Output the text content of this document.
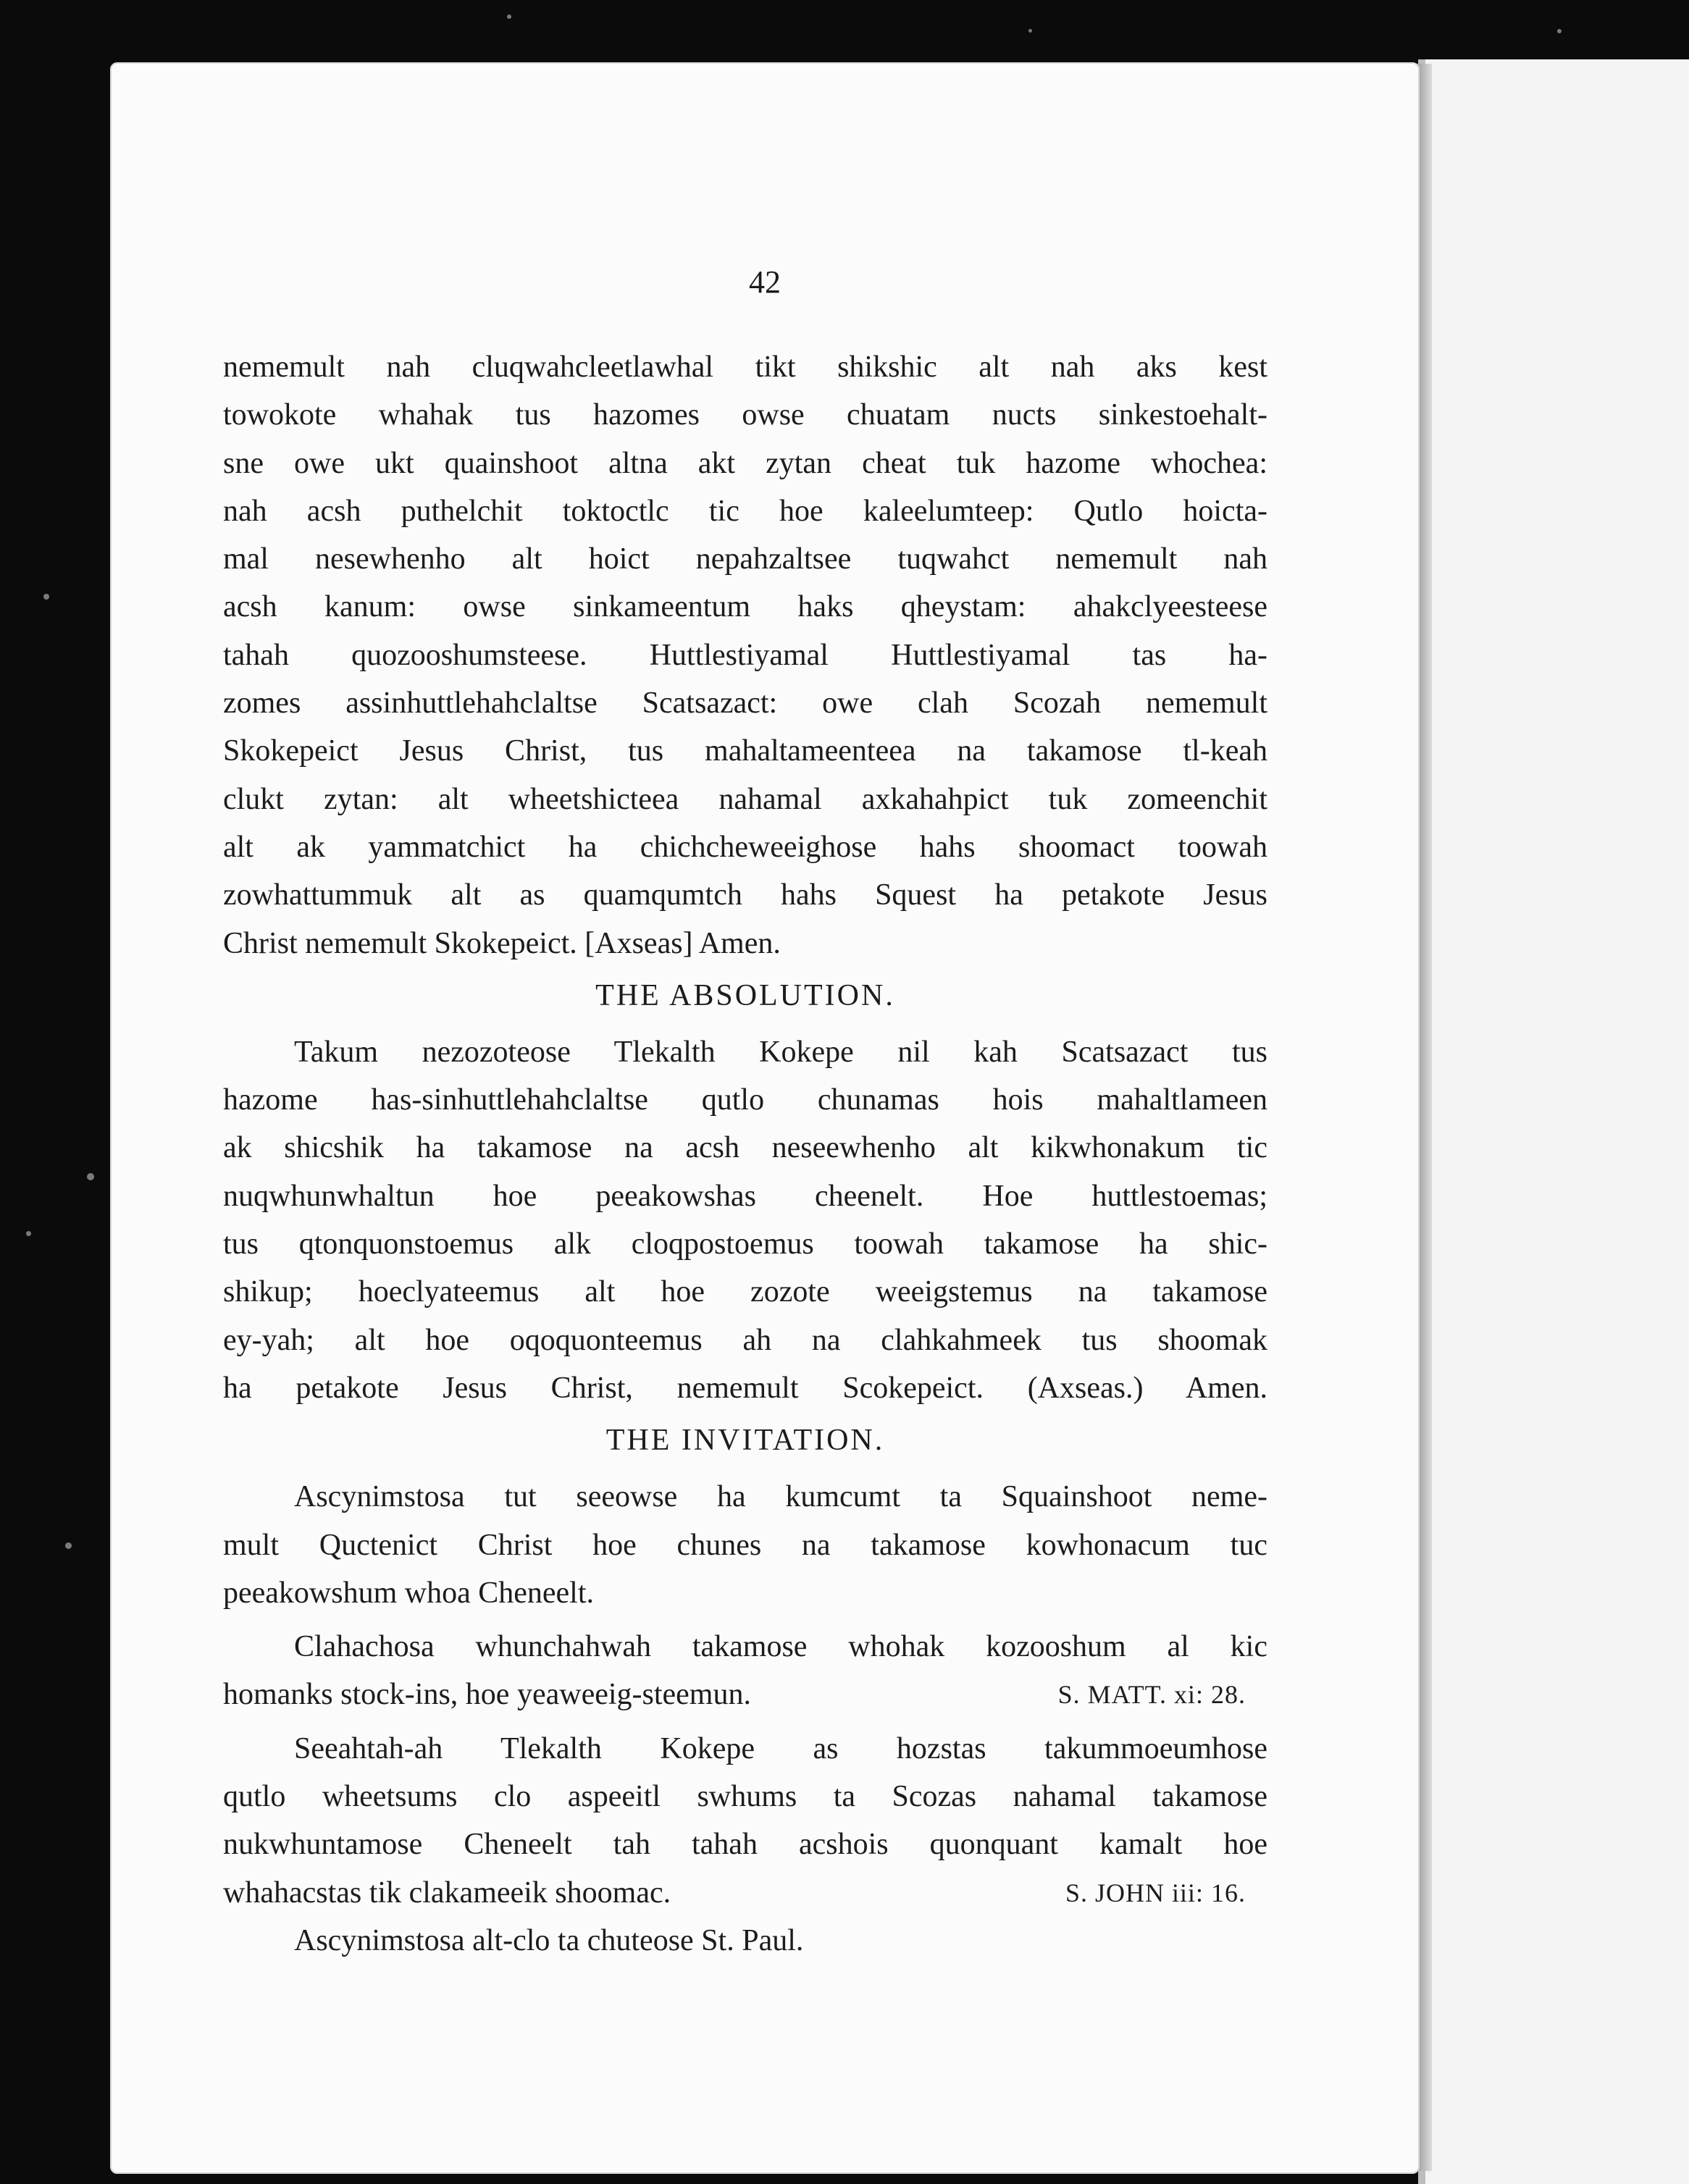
42
nememult nah cluqwahcleetlawhal tikt shikshic alt nah aks kest
towokote whahak tus hazomes owse chuatam nucts sinkestoehalt-
sne owe ukt quainshoot altna akt zytan cheat tuk hazome whochea:
nah acsh puthelchit toktoctlc tic hoe kaleelumteep: Qutlo hoicta-
mal nesewhenho alt hoict nepahzaltsee tuqwahct nememult nah
acsh kanum: owse sinkameentum haks qheystam: ahakclyeesteese
tahah quozooshumsteese. Huttlestiyamal Huttlestiyamal tas ha-
zomes assinhuttlehahclaltse Scatsazact: owe clah Scozah nememult
Skokepeict Jesus Christ, tus mahaltameenteea na takamose tl-keah
clukt zytan: alt wheetshicteea nahamal axkahahpict tuk zomeenchit
alt ak yammatchict ha chichcheweeighose hahs shoomact toowah
zowhattummuk alt as quamqumtch hahs Squest ha petakote Jesus
Christ nememult Skokepeict. [Axseas] Amen.
THE ABSOLUTION.
Takum nezozoteose Tlekalth Kokepe nil kah Scatsazact tus
hazome has-sinhuttlehahclaltse qutlo chunamas hois mahaltlameen
ak shicshik ha takamose na acsh neseewhenho alt kikwhonakum tic
nuqwhunwhaltun hoe peeakowshas cheenelt. Hoe huttlestoemas;
tus qtonquonstoemus alk cloqpostoemus toowah takamose ha shic-
shikup; hoeclyateemus alt hoe zozote weeigstemus na takamose
ey-yah; alt hoe oqoquonteemus ah na clahkahmeek tus shoomak
ha petakote Jesus Christ, nememult Scokepeict. (Axseas.) Amen.
THE INVITATION.
Ascynimstosa tut seeowse ha kumcumt ta Squainshoot neme-
mult Quctenict Christ hoe chunes na takamose kowhonacum tuc
peeakowshum whoa Cheneelt.
Clahachosa whunchahwah takamose whohak kozooshum al kic
homanks stock-ins, hoe yeaweeig-steemun.	S. MATT. xi: 28.
Seeahtah-ah Tlekalth Kokepe as hozstas takummoeumhose
qutlo wheetsums clo aspeeitl swhums ta Scozas nahamal takamose
nukwhuntamose Cheneelt tah tahah acshois quonquant kamalt hoe
whahacstas tik clakameeik shoomac.	S. JOHN iii: 16.
Ascynimstosa alt-clo ta chuteose St. Paul.
